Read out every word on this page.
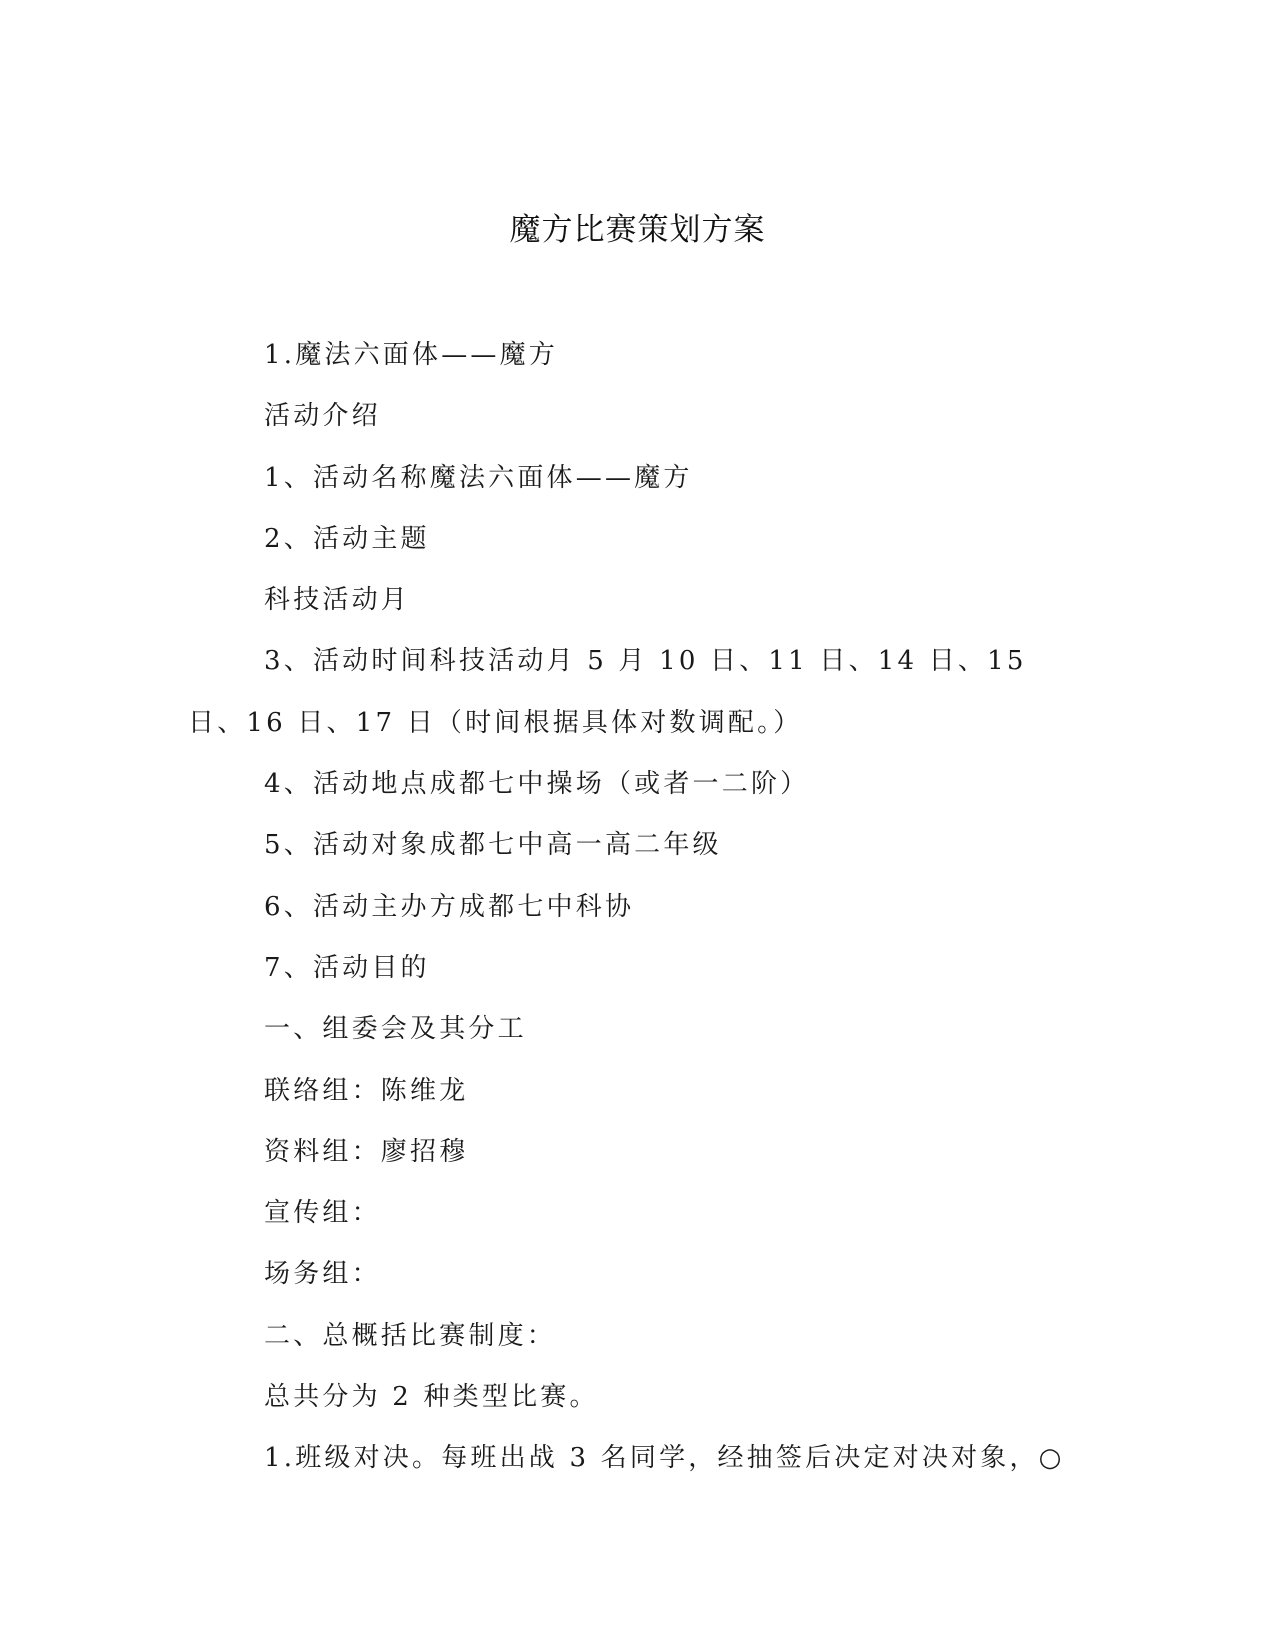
魔方比赛策划方案

1.魔法六面体——魔方

活动介绍

1、活动名称魔法六面体——魔方

2、活动主题

科技活动月

3、活动时间科技活动月 5 月 10 日、11 日、14 日、15 日、16 日、17 日（时间根据具体对数调配。）

4、活动地点成都七中操场（或者一二阶）

5、活动对象成都七中高一高二年级

6、活动主办方成都七中科协

7、活动目的

一、组委会及其分工

联络组：陈维龙

资料组：廖招穆

宣传组：

场务组：

二、总概括比赛制度：

总共分为 2 种类型比赛。

1.班级对决。每班出战 3 名同学，经抽签后决定对决对象，○
